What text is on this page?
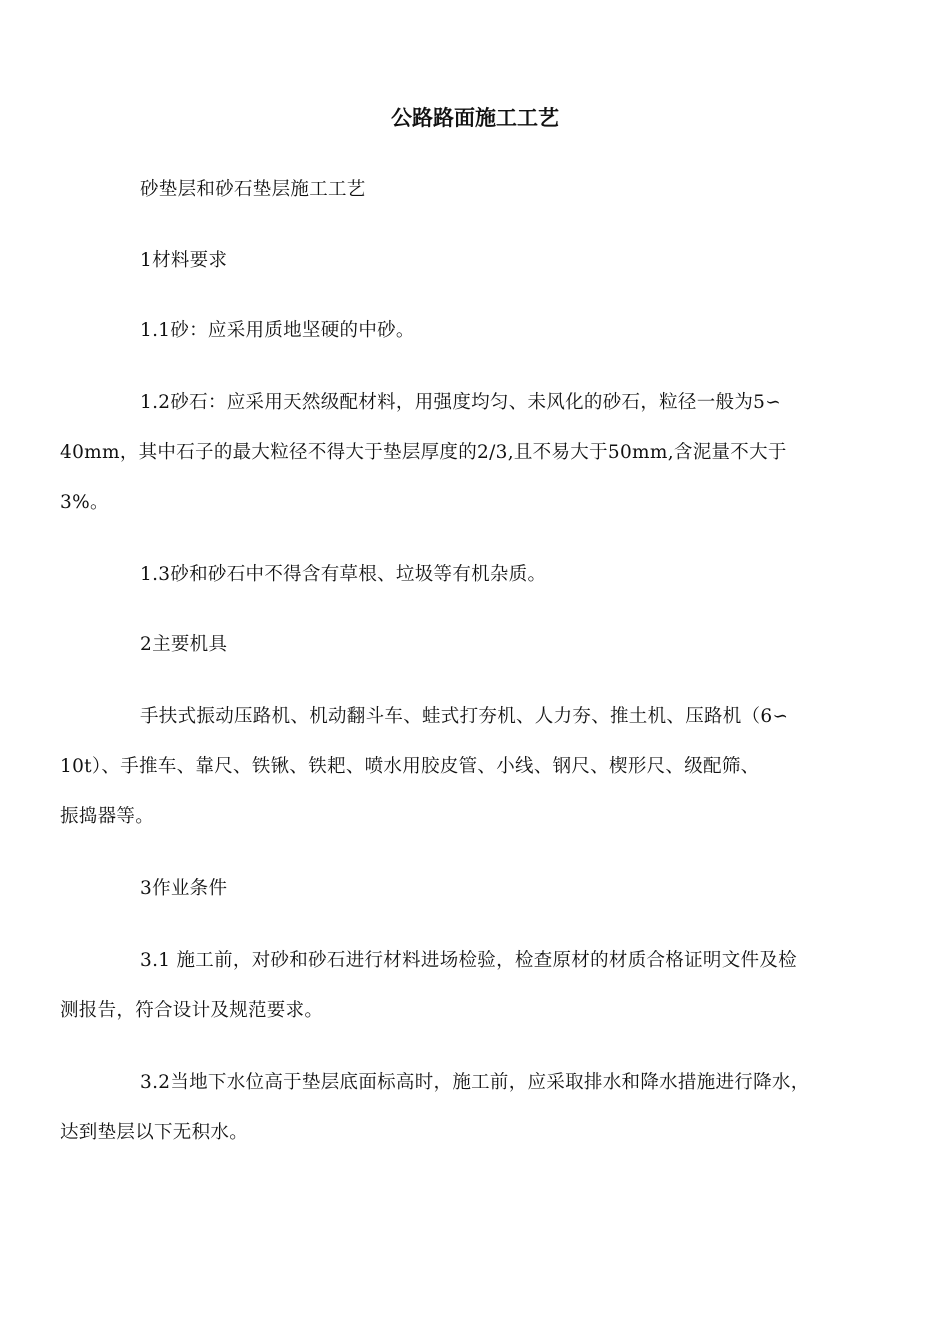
公路路面施工工艺

砂垫层和砂石垫层施工工艺

1材料要求

1.1砂：应采用质地坚硬的中砂。

1.2砂石：应采用天然级配材料，用强度均匀、未风化的砂石，粒径一般为5∽
40mm，其中石子的最大粒径不得大于垫层厚度的2/3,且不易大于50mm,含泥量不大于
3%。

1.3砂和砂石中不得含有草根、垃圾等有机杂质。

2主要机具

手扶式振动压路机、机动翻斗车、蛙式打夯机、人力夯、推土机、压路机（6∽
10t）、手推车、靠尺、铁锹、铁耙、喷水用胶皮管、小线、钢尺、楔形尺、级配筛、
振捣器等。

3作业条件

3.1 施工前，对砂和砂石进行材料进场检验，检查原材的材质合格证明文件及检
测报告，符合设计及规范要求。

3.2当地下水位高于垫层底面标高时，施工前，应采取排水和降水措施进行降水，
达到垫层以下无积水。
